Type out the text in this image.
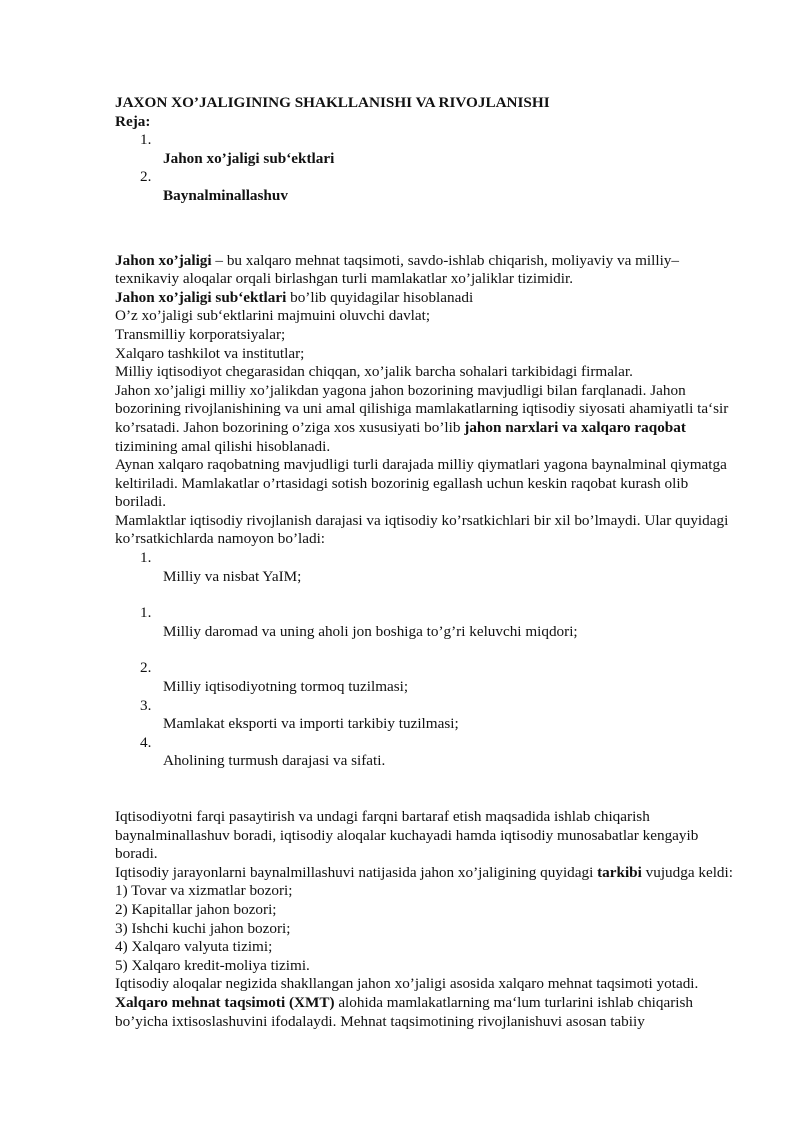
JAXON XO’JALIGINING SHAKLLANISHI VA RIVOJLANISHI

Reja:

1.

Jahon xo’jaligi sub‘ektlari

2.

Baynalminallashuv

Jahon xo’jaligi – bu xalqaro mehnat taqsimoti, savdo-ishlab chiqarish, moliyaviy va milliy–texnikaviy aloqalar orqali birlashgan turli mamlakatlar xo’jaliklar tizimidir.

Jahon xo’jaligi sub‘ektlari bo’lib quyidagilar hisoblanadi

O’z xo’jaligi sub‘ektlarini majmuini oluvchi davlat;

Transmilliy korporatsiyalar;

Xalqaro tashkilot va institutlar;

Milliy iqtisodiyot chegarasidan chiqqan, xo’jalik barcha sohalari tarkibidagi firmalar.

Jahon xo’jaligi milliy xo’jalikdan yagona jahon bozorining mavjudligi bilan farqlanadi. Jahon bozorining rivojlanishining va uni amal qilishiga mamlakatlarning iqtisodiy siyosati ahamiyatli ta‘sir ko’rsatadi. Jahon bozorining o’ziga xos xususiyati bo’lib jahon narxlari va xalqaro raqobat tizimining amal qilishi hisoblanadi.

Aynan xalqaro raqobatning mavjudligi turli darajada milliy qiymatlari yagona baynalminal qiymatga keltiriladi. Mamlakatlar o’rtasidagi sotish bozorinig egallash uchun keskin raqobat kurash olib boriladi.

Mamlaktlar iqtisodiy rivojlanish darajasi va iqtisodiy ko’rsatkichlari bir xil bo’lmaydi. Ular quyidagi ko’rsatkichlarda namoyon bo’ladi:

1.

Milliy va nisbat YaIM;

1.

Milliy daromad va uning aholi jon boshiga to’g’ri keluvchi miqdori;

2.

Milliy iqtisodiyotning tormoq tuzilmasi;

3.

Mamlakat eksporti va importi tarkibiy tuzilmasi;

4.

Aholining turmush darajasi va sifati.

Iqtisodiyotni farqi pasaytirish va undagi farqni bartaraf etish maqsadida ishlab chiqarish baynalminallashuv boradi, iqtisodiy aloqalar kuchayadi hamda iqtisodiy munosabatlar kengayib boradi.

Iqtisodiy jarayonlarni baynalmillashuvi natijasida jahon xo’jaligining quyidagi tarkibi vujudga keldi:

1) Tovar va xizmatlar bozori;

2) Kapitallar jahon bozori;

3) Ishchi kuchi jahon bozori;

4) Xalqaro valyuta tizimi;

5) Xalqaro kredit-moliya tizimi.

Iqtisodiy aloqalar negizida shakllangan jahon xo’jaligi asosida xalqaro mehnat taqsimoti yotadi.

Xalqaro mehnat taqsimoti (XMT) alohida mamlakatlarning ma‘lum turlarini ishlab chiqarish bo’yicha ixtisoslashuvini ifodalaydi. Mehnat taqsimotining rivojlanishuvi asosan tabiiy
